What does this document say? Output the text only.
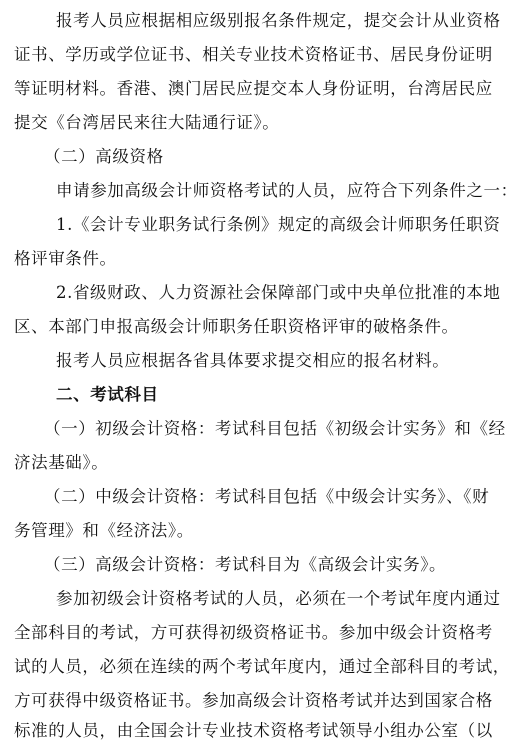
报考人员应根据相应级别报名条件规定，提交会计从业资格
证书、学历或学位证书、相关专业技术资格证书、居民身份证明
等证明材料。香港、澳门居民应提交本人身份证明，台湾居民应
提交《台湾居民来往大陆通行证》。
（二）高级资格
申请参加高级会计师资格考试的人员，应符合下列条件之一：
1.《会计专业职务试行条例》规定的高级会计师职务任职资
格评审条件。
2.省级财政、人力资源社会保障部门或中央单位批准的本地
区、本部门申报高级会计师职务任职资格评审的破格条件。
报考人员应根据各省具体要求提交相应的报名材料。
二、考试科目
（一）初级会计资格：考试科目包括《初级会计实务》和《经
济法基础》。
（二）中级会计资格：考试科目包括《中级会计实务》、《财
务管理》和《经济法》。
（三）高级会计资格：考试科目为《高级会计实务》。
参加初级会计资格考试的人员，必须在一个考试年度内通过
全部科目的考试，方可获得初级资格证书。参加中级会计资格考
试的人员，必须在连续的两个考试年度内，通过全部科目的考试，
方可获得中级资格证书。参加高级会计资格考试并达到国家合格
标准的人员，由全国会计专业技术资格考试领导小组办公室（以
